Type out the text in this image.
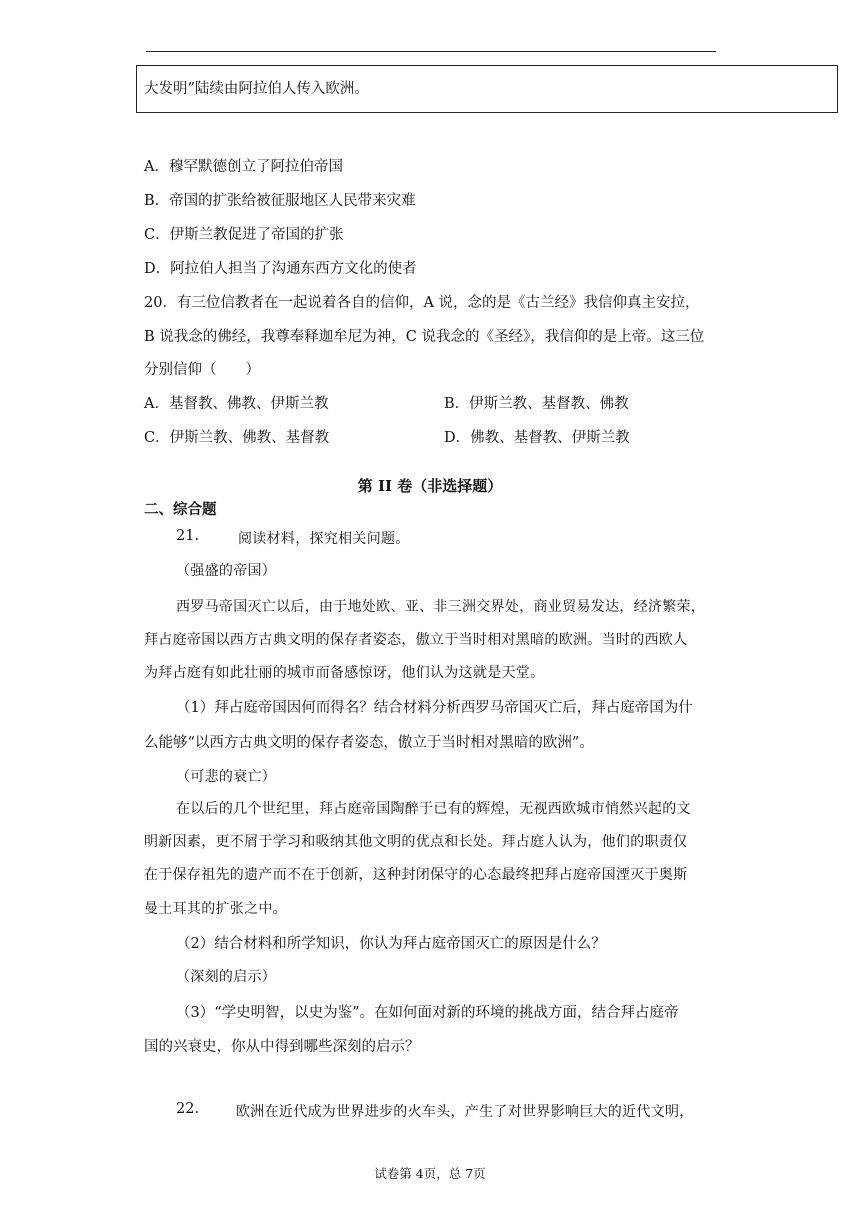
大发明”陆续由阿拉伯人传入欧洲。
A．穆罕默德创立了阿拉伯帝国
B．帝国的扩张给被征服地区人民带来灾难
C．伊斯兰教促进了帝国的扩张
D．阿拉伯人担当了沟通东西方文化的使者
20．有三位信教者在一起说着各自的信仰，A 说，念的是《古兰经》我信仰真主安拉，
B 说我念的佛经，我尊奉释迦牟尼为神，C 说我念的《圣经》，我信仰的是上帝。这三位
分别信仰（　　）
A．基督教、佛教、伊斯兰教	B．伊斯兰教、基督教、佛教
C．伊斯兰教、佛教、基督教	D．佛教、基督教、伊斯兰教
第 II 卷（非选择题）
二、综合题
21.	阅读材料，探究相关问题。
（强盛的帝国）
西罗马帝国灭亡以后，由于地处欧、亚、非三洲交界处，商业贸易发达，经济繁荣，
拜占庭帝国以西方古典文明的保存者姿态，傲立于当时相对黑暗的欧洲。当时的西欧人
为拜占庭有如此壮丽的城市而备感惊讶，他们认为这就是天堂。
（1）拜占庭帝国因何而得名？结合材料分析西罗马帝国灭亡后，拜占庭帝国为什
么能够“以西方古典文明的保存者姿态，傲立于当时相对黑暗的欧洲”。
（可悲的衰亡）
在以后的几个世纪里，拜占庭帝国陶醉于已有的辉煌，无视西欧城市悄然兴起的文
明新因素，更不屑于学习和吸纳其他文明的优点和长处。拜占庭人认为，他们的职责仅
在于保存祖先的遗产而不在于创新，这种封闭保守的心态最终把拜占庭帝国湮灭于奥斯
曼土耳其的扩张之中。
（2）结合材料和所学知识，你认为拜占庭帝国灭亡的原因是什么？
（深刻的启示）
（3）“学史明智，以史为鉴”。在如何面对新的环境的挑战方面，结合拜占庭帝
国的兴衰史，你从中得到哪些深刻的启示？
22.	欧洲在近代成为世界进步的火车头，产生了对世界影响巨大的近代文明，
试卷第 4页，总 7页
